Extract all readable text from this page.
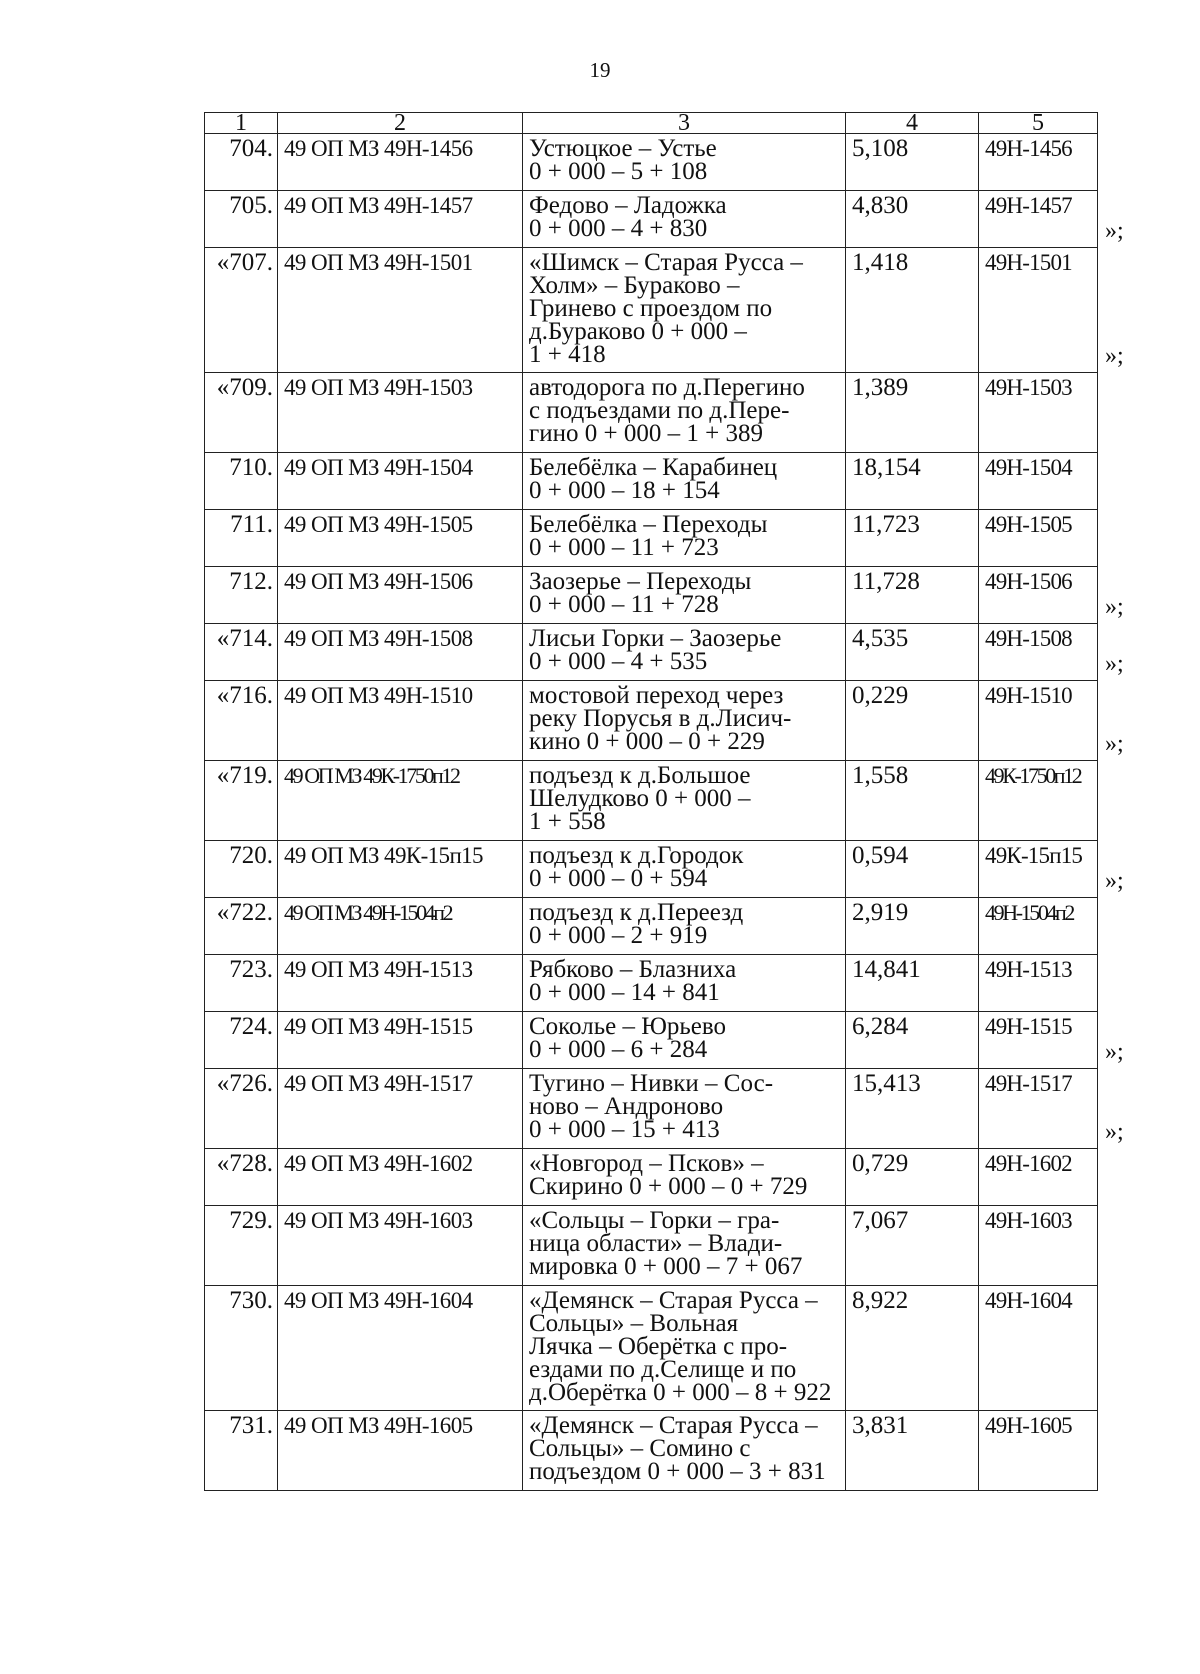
19
1	2	3	4	5
704.	49 ОП МЗ 49Н-1456	Устюцкое – Устье
0 + 000 – 5 + 108	5,108	49Н-1456
705.	49 ОП МЗ 49Н-1457	Федово – Ладожка
0 + 000 – 4 + 830	4,830	49Н-1457
«707.	49 ОП МЗ 49Н-1501	«Шимск – Старая Русса –
Холм» – Бураково –
Гринево с проездом по
д.Бураково 0 + 000 –
1 + 418	1,418	49Н-1501
«709.	49 ОП МЗ 49Н-1503	автодорога по д.Перегино
с подъездами по д.Пере-
гино 0 + 000 – 1 + 389	1,389	49Н-1503
710.	49 ОП МЗ 49Н-1504	Белебёлка – Карабинец
0 + 000 – 18 + 154	18,154	49Н-1504
711.	49 ОП МЗ 49Н-1505	Белебёлка – Переходы
0 + 000 – 11 + 723	11,723	49Н-1505
712.	49 ОП МЗ 49Н-1506	Заозерье – Переходы
0 + 000 – 11 + 728	11,728	49Н-1506
«714.	49 ОП МЗ 49Н-1508	Лисьи Горки – Заозерье
0 + 000 – 4 + 535	4,535	49Н-1508
«716.	49 ОП МЗ 49Н-1510	мостовой переход через
реку Порусья в д.Лисич-
кино 0 + 000 – 0 + 229	0,229	49Н-1510
«719.	49 ОП МЗ 49К-1750п12	подъезд к д.Большое
Шелудково 0 + 000 –
1 + 558	1,558	49К-1750п12
720.	49 ОП МЗ 49К-15п15	подъезд к д.Городок
0 + 000 – 0 + 594	0,594	49К-15п15
«722.	49 ОП МЗ 49Н-1504п2	подъезд к д.Переезд
0 + 000 – 2 + 919	2,919	49Н-1504п2
723.	49 ОП МЗ 49Н-1513	Рябково – Блазниха
0 + 000 – 14 + 841	14,841	49Н-1513
724.	49 ОП МЗ 49Н-1515	Соколье – Юрьево
0 + 000 – 6 + 284	6,284	49Н-1515
«726.	49 ОП МЗ 49Н-1517	Тугино – Нивки – Сос-
ново – Андроново
0 + 000 – 15 + 413	15,413	49Н-1517
«728.	49 ОП МЗ 49Н-1602	«Новгород – Псков» –
Скирино 0 + 000 – 0 + 729	0,729	49Н-1602
729.	49 ОП МЗ 49Н-1603	«Сольцы – Горки – гра-
ница области» – Влади-
мировка 0 + 000 – 7 + 067	7,067	49Н-1603
730.	49 ОП МЗ 49Н-1604	«Демянск – Старая Русса –
Сольцы» – Вольная
Лячка – Оберётка с про-
ездами по д.Селище и по
д.Оберётка 0 + 000 – 8 + 922	8,922	49Н-1604
731.	49 ОП МЗ 49Н-1605	«Демянск – Старая Русса –
Сольцы» – Сомино с
подъездом 0 + 000 – 3 + 831	3,831	49Н-1605
»;
»;
»;
»;
»;
»;
»;
»;
